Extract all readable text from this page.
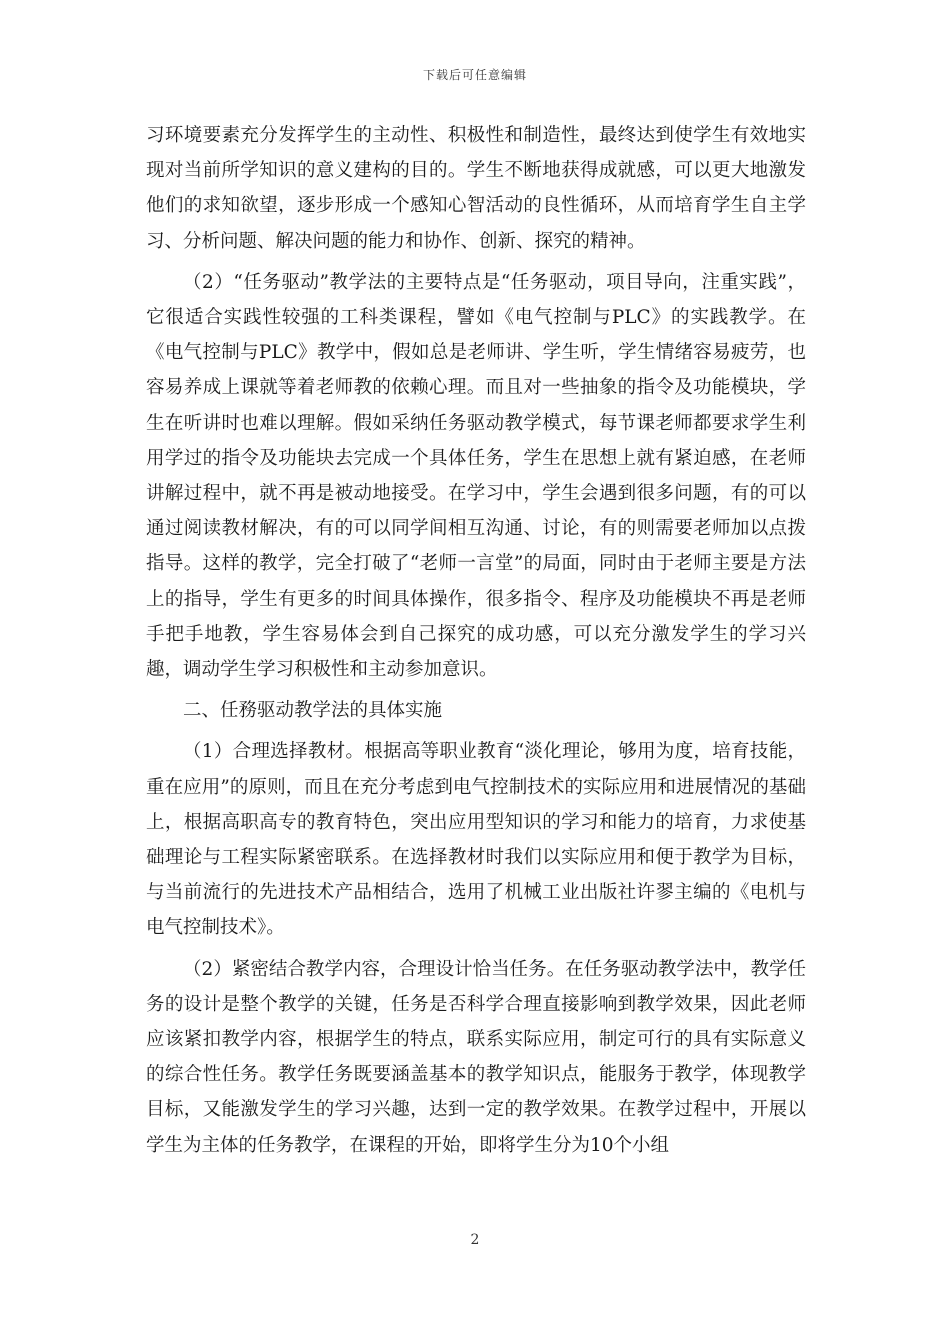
下载后可任意编辑

习环境要素充分发挥学生的主动性、积极性和制造性，最终达到使学生有效地实现对当前所学知识的意义建构的目的。学生不断地获得成就感，可以更大地激发他们的求知欲望，逐步形成一个感知心智活动的良性循环，从而培育学生自主学习、分析问题、解决问题的能力和协作、创新、探究的精神。

（2）“任务驱动”教学法的主要特点是“任务驱动，项目导向，注重实践”，它很适合实践性较强的工科类课程，譬如《电气控制与PLC》的实践教学。在《电气控制与PLC》教学中，假如总是老师讲、学生听，学生情绪容易疲劳，也容易养成上课就等着老师教的依赖心理。而且对一些抽象的指令及功能模块，学生在听讲时也难以理解。假如采纳任务驱动教学模式，每节课老师都要求学生利用学过的指令及功能块去完成一个具体任务，学生在思想上就有紧迫感，在老师讲解过程中，就不再是被动地接受。在学习中，学生会遇到很多问题，有的可以通过阅读教材解决，有的可以同学间相互沟通、讨论，有的则需要老师加以点拨指导。这样的教学，完全打破了“老师一言堂”的局面，同时由于老师主要是方法上的指导，学生有更多的时间具体操作，很多指令、程序及功能模块不再是老师手把手地教，学生容易体会到自己探究的成功感，可以充分激发学生的学习兴趣，调动学生学习积极性和主动参加意识。

二、任務驱动教学法的具体实施

（1）合理选择教材。根据高等职业教育“淡化理论，够用为度，培育技能，重在应用”的原则，而且在充分考虑到电气控制技术的实际应用和进展情况的基础上，根据高职高专的教育特色，突出应用型知识的学习和能力的培育，力求使基础理论与工程实际紧密联系。在选择教材时我们以实际应用和便于教学为目标，与当前流行的先进技术产品相结合，选用了机械工业出版社许翏主编的《电机与电气控制技术》。

（2）紧密结合教学内容，合理设计恰当任务。在任务驱动教学法中，教学任务的设计是整个教学的关键，任务是否科学合理直接影响到教学效果，因此老师应该紧扣教学内容，根据学生的特点，联系实际应用，制定可行的具有实际意义的综合性任务。教学任务既要涵盖基本的教学知识点，能服务于教学，体现教学目标，又能激发学生的学习兴趣，达到一定的教学效果。在教学过程中，开展以学生为主体的任务教学，在课程的开始，即将学生分为10个小组

2
